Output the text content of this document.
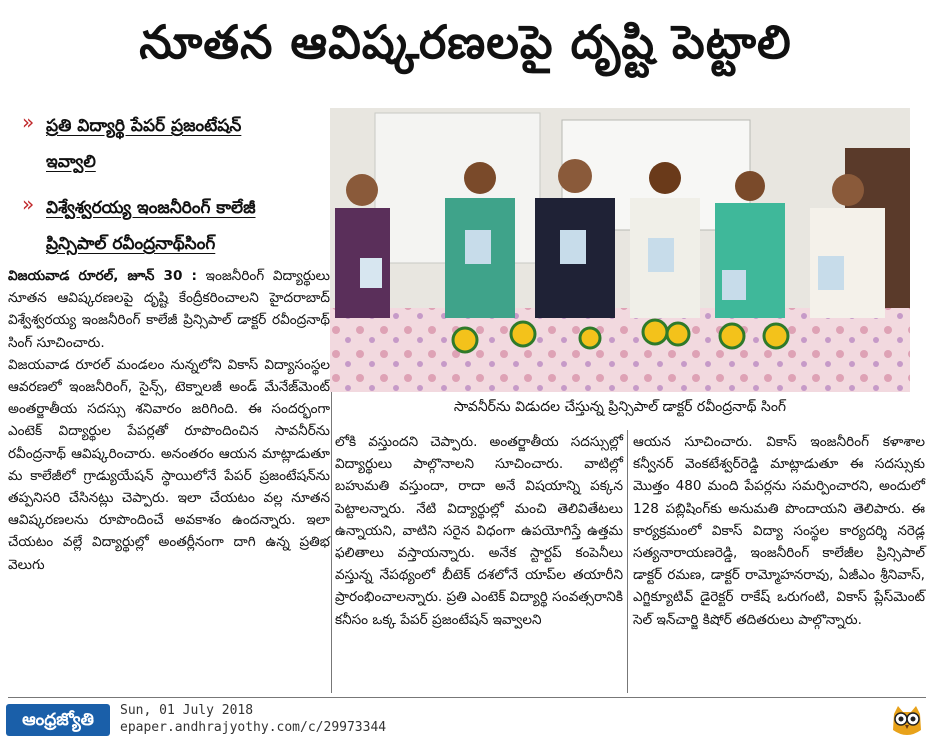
నూతన ఆవిష్కరణలపై దృష్టి పెట్టాలి
» ప్రతి విద్యార్థి పేపర్ ప్రజంటేషన్
ఇవ్వాలి
» విశ్వేశ్వరయ్య ఇంజనీరింగ్ కాలేజీ
ప్రిన్సిపాల్ రవీంద్రనాథ్‌సింగ్

విజయవాడ రూరల్, జూన్ 30 : ఇంజనీరింగ్ విద్యార్థులు నూతన ఆవిష్కరణలపై దృష్టి కేంద్రీకరించాలని హైదరాబాద్ విశ్వేశ్వరయ్య ఇంజనీరింగ్ కాలేజీ ప్రిన్సిపాల్ డాక్టర్ రవీంద్రనాథ్ సింగ్ సూచించారు.

విజయవాడ రూరల్ మండలం నున్నలోని వికాస్ విద్యాసంస్థల ఆవరణలో ఇంజనీరింగ్, సైన్స్, టెక్నాలజీ అండ్ మేనేజ్‌మెంట్ అంతర్జాతీయ సదస్సు శనివారం జరిగింది. ఈ సందర్భంగా ఎంటెక్ విద్యార్థుల పేపర్లతో రూపొందించిన సావనీర్‌ను రవీంద్రనాథ్ ఆవిష్కరించారు. అనంతరం ఆయన మాట్లాడుతూ మ కాలేజీలో గ్రాడ్యుయేషన్ స్థాయిలోనే పేపర్ ప్రజంటేషన్‌ను తప్పనిసరి చేసినట్లు చెప్పారు. ఇలా చేయటం వల్ల నూతన ఆవిష్కరణలను రూపొందించే అవకాశం ఉందన్నారు. ఇలా చేయటం వల్లే విద్యార్థుల్లో అంతర్లీనంగా దాగి ఉన్న ప్రతిభ వెలుగు

సావనీర్‌ను విడుదల చేస్తున్న ప్రిన్సిపాల్ డాక్టర్ రవీంద్రనాథ్ సింగ్

లోకి వస్తుందని చెప్పారు. అంతర్జాతీయ సదస్సుల్లో విద్యార్థులు పాల్గొనాలని సూచించారు. వాటిల్లో బహుమతి వస్తుందా, రాదా అనే విషయాన్ని పక్కన పెట్టాలన్నారు. నేటి విద్యార్థుల్లో మంచి తెలివితేటలు ఉన్నాయని, వాటిని సరైన విధంగా ఉపయోగిస్తే ఉత్తమ ఫలితాలు వస్తాయన్నారు. అనేక స్టార్టప్ కంపెనీలు వస్తున్న నేపథ్యంలో బీటెక్ దశలోనే యాప్‌ల తయారీని ప్రారంభించాలన్నారు. ప్రతి ఎంటెక్ విద్యార్థి సంవత్సరానికి కనీసం ఒక్క పేపర్ ప్రజంటేషన్ ఇవ్వాలని

ఆయన సూచించారు. వికాస్ ఇంజనీరింగ్ కళాశాల కన్వీనర్ వెంకటేశ్వర్‌రెడ్డి మాట్లాడుతూ ఈ సదస్సుకు మొత్తం 480 మంది పేపర్లను సమర్పించారని, అందులో 128 పబ్లిషింగ్‌కు అనుమతి పొందాయని తెలిపారు. ఈ కార్యక్రమంలో వికాస్ విద్యా సంస్థల కార్యదర్శి నరెడ్ల సత్యనారాయణరెడ్డి, ఇంజనీరింగ్ కాలేజీల ప్రిన్సిపాల్ డాక్టర్ రమణ, డాక్టర్ రామ్మోహనరావు, ఏజీఎం శ్రీనివాస్, ఎగ్జిక్యూటివ్ డైరెక్టర్ రాకేష్ ఒరుగంటి, వికాస్ ప్లేస్‌మెంట్ సెల్ ఇన్‌చార్జి కిషోర్ తదితరులు పాల్గొన్నారు.

ఆంధ్రజ్యోతి	Sun, 01 July 2018
epaper.andhrajyothy.com/c/29973344
